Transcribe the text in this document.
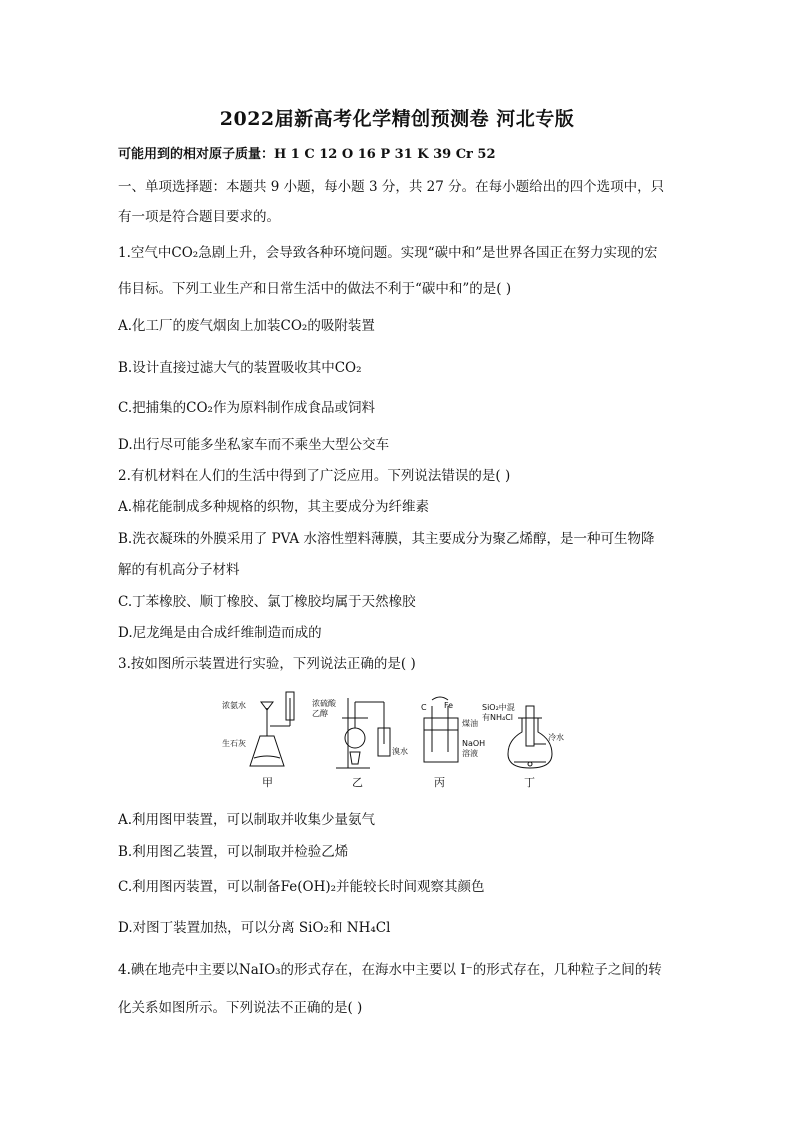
2022届新高考化学精创预测卷 河北专版
可能用到的相对原子质量：H 1 C 12 O 16 P 31 K 39 Cr 52
一、单项选择题：本题共 9 小题，每小题 3 分，共 27 分。在每小题给出的四个选项中，只
有一项是符合题目要求的。
1.空气中CO₂急剧上升，会导致各种环境问题。实现“碳中和”是世界各国正在努力实现的宏
伟目标。下列工业生产和日常生活中的做法不利于“碳中和”的是( )
A.化工厂的废气烟囱上加装CO₂的吸附装置
B.设计直接过滤大气的装置吸收其中CO₂
C.把捕集的CO₂作为原料制作成食品或饲料
D.出行尽可能多坐私家车而不乘坐大型公交车
2.有机材料在人们的生活中得到了广泛应用。下列说法错误的是( )
A.棉花能制成多种规格的织物，其主要成分为纤维素
B.洗衣凝珠的外膜采用了 PVA 水溶性塑料薄膜，其主要成分为聚乙烯醇，是一种可生物降
解的有机高分子材料
C.丁苯橡胶、顺丁橡胶、氯丁橡胶均属于天然橡胶
D.尼龙绳是由合成纤维制造而成的
3.按如图所示装置进行实验，下列说法正确的是( )
浓氨水
生石灰
浓硫酸
乙醇
溴水
C Fe
煤油
NaOH
溶液
SiO₂中混
有NH₄Cl
冷水
甲	乙	丙	丁
A.利用图甲装置，可以制取并收集少量氨气
B.利用图乙装置，可以制取并检验乙烯
C.利用图丙装置，可以制备Fe(OH)₂并能较长时间观察其颜色
D.对图丁装置加热，可以分离 SiO₂和 NH₄Cl
4.碘在地壳中主要以NaIO₃的形式存在，在海水中主要以 I⁻的形式存在，几种粒子之间的转
化关系如图所示。下列说法不正确的是( )
